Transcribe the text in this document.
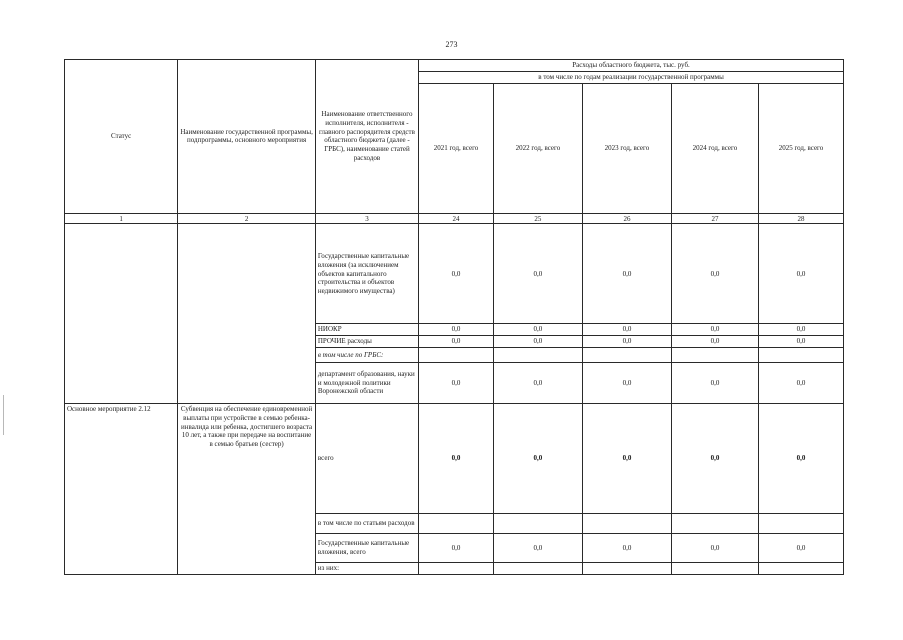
273
Статус	Наименование государственной программы, подпрограммы, основного мероприятия	Наименование ответственного исполнителя, исполнителя - главного распорядителя средств областного бюджета (далее - ГРБС), наименование статей расходов	Расходы областного бюджета, тыс. руб.				
			в том числе по годам реализации государственной программы				
			2021 год, всего	2022 год, всего	2023 год, всего	2024 год, всего	2025 год, всего
1	2	3	24	25	26	27	28
		Государственные капитальные вложения (за исключением объектов капитального строительства и объектов недвижимого имущества)	0,0	0,0	0,0	0,0	0,0
		НИОКР	0,0	0,0	0,0	0,0	0,0
		ПРОЧИЕ расходы	0,0	0,0	0,0	0,0	0,0
		в том числе по ГРБС:					
		департамент образования, науки и молодежной политики Воронежской области	0,0	0,0	0,0	0,0	0,0
Основное мероприятие 2.12	Субвенция на обеспечение единовременной выплаты при устройстве в семью ребенка-инвалида или ребенка, достигшего возраста 10 лет, а также при передаче на воспитание в семью братьев (сестер)	всего	0,0	0,0	0,0	0,0	0,0
		в том числе по статьям расходов					
		Государственные капитальные вложения, всего	0,0	0,0	0,0	0,0	0,0
		из них:					
